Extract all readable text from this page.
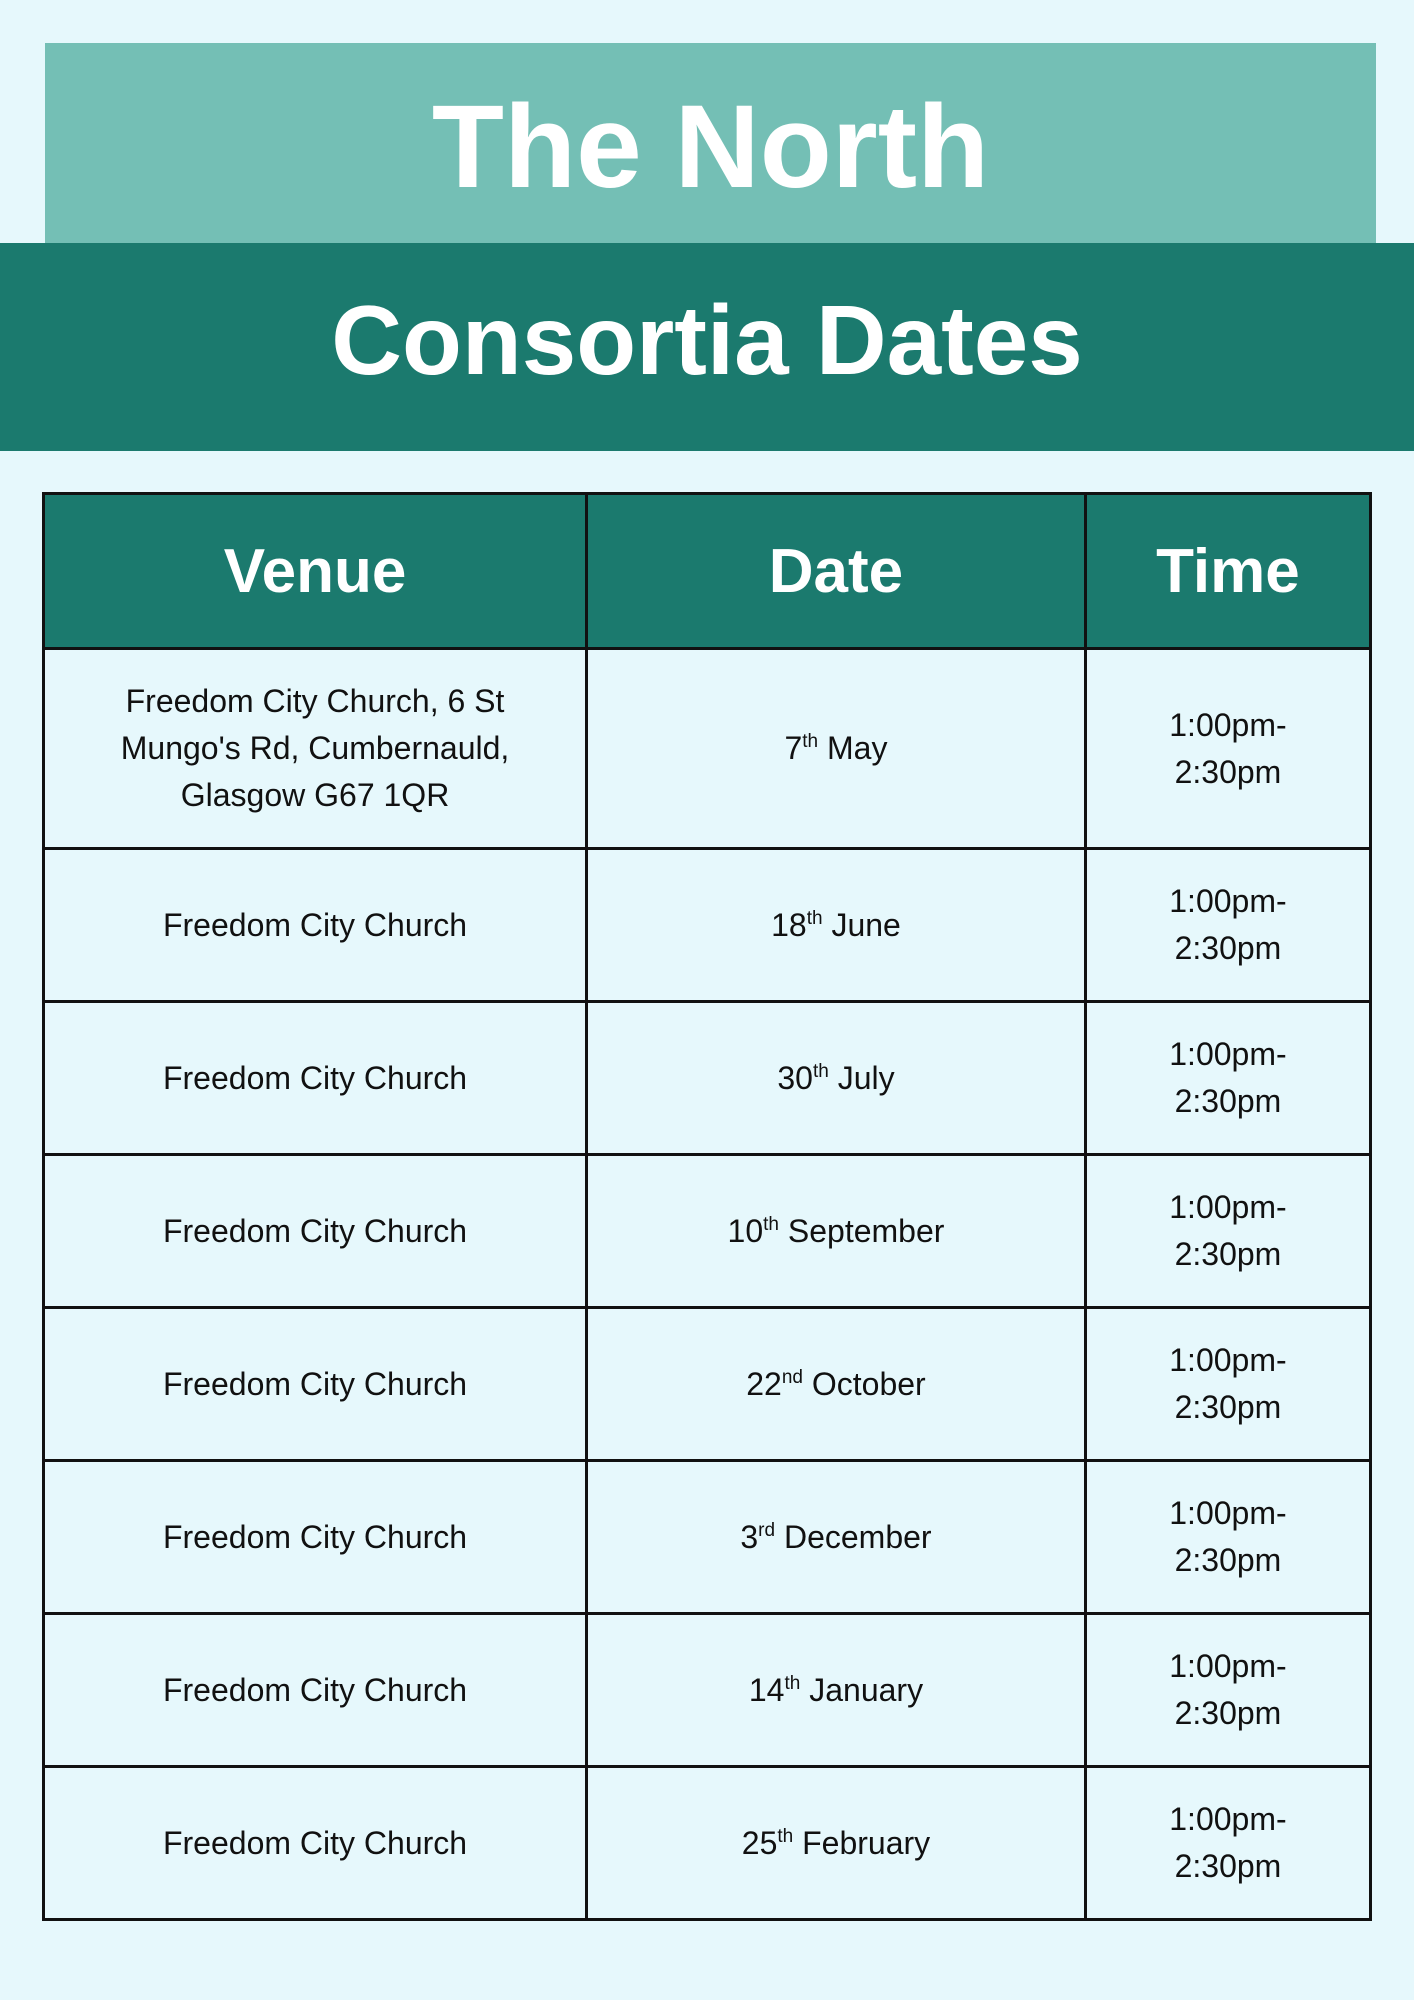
The North
Consortia Dates
Venue	Date	Time
Freedom City Church, 6 St Mungo's Rd, Cumbernauld, Glasgow G67 1QR	7th May	1:00pm-
2:30pm
Freedom City Church	18th June	1:00pm-
2:30pm
Freedom City Church	30th July	1:00pm-
2:30pm
Freedom City Church	10th September	1:00pm-
2:30pm
Freedom City Church	22nd October	1:00pm-
2:30pm
Freedom City Church	3rd December	1:00pm-
2:30pm
Freedom City Church	14th January	1:00pm-
2:30pm
Freedom City Church	25th February	1:00pm-
2:30pm
